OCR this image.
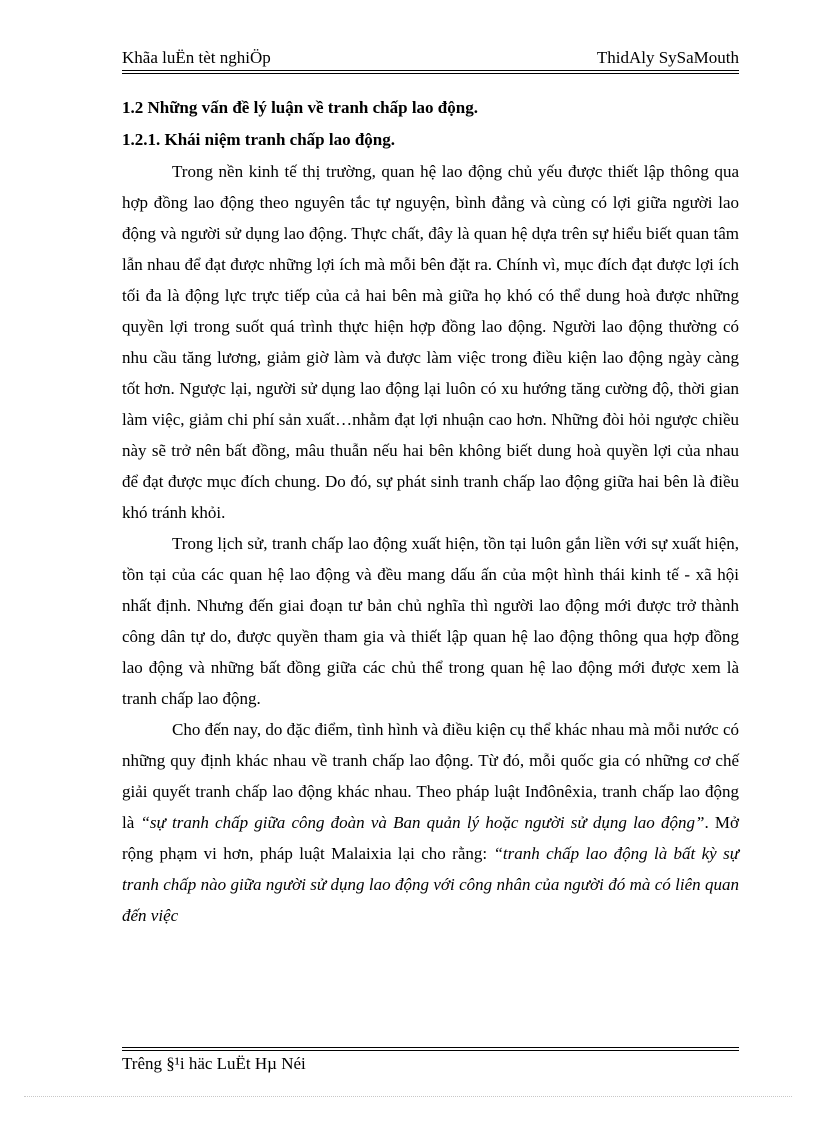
Khãa luËn tèt nghiÖp	ThidAly SySaMouth

1.2 Những vấn đề lý luận về tranh chấp lao động.

1.2.1. Khái niệm tranh chấp lao động.

Trong nền kinh tế thị trường, quan hệ lao động chủ yếu được thiết lập thông qua hợp đồng lao động theo nguyên tắc tự nguyện, bình đẳng và cùng có lợi giữa người lao động và người sử dụng lao động. Thực chất, đây là quan hệ dựa trên sự hiểu biết quan tâm lẫn nhau để đạt được những lợi ích mà mỗi bên đặt ra. Chính vì, mục đích đạt được lợi ích tối đa là động lực trực tiếp của cả hai bên mà giữa họ khó có thể dung hoà được những quyền lợi trong suốt quá trình thực hiện hợp đồng lao động. Người lao động thường có nhu cầu tăng lương, giảm giờ làm và được làm việc trong điều kiện lao động ngày càng tốt hơn. Ngược lại, người sử dụng lao động lại luôn có xu hướng tăng cường độ, thời gian làm việc, giảm chi phí sản xuất…nhằm đạt lợi nhuận cao hơn. Những đòi hỏi ngược chiều này sẽ trở nên bất đồng, mâu thuẫn nếu hai bên không biết dung hoà quyền lợi của nhau để đạt được mục đích chung. Do đó, sự phát sinh tranh chấp lao động giữa hai bên là điều khó tránh khỏi.

Trong lịch sử, tranh chấp lao động xuất hiện, tồn tại luôn gắn liền với sự xuất hiện, tồn tại của các quan hệ lao động và đều mang dấu ấn của một hình thái kinh tế - xã hội nhất định. Nhưng đến giai đoạn tư bản chủ nghĩa thì người lao động mới được trở thành công dân tự do, được quyền tham gia và thiết lập quan hệ lao động thông qua hợp đồng lao động và những bất đồng giữa các chủ thể trong quan hệ lao động mới được xem là tranh chấp lao động.

Cho đến nay, do đặc điểm, tình hình và điều kiện cụ thể khác nhau mà mỗi nước có những quy định khác nhau về tranh chấp lao động. Từ đó, mỗi quốc gia có những cơ chế giải quyết tranh chấp lao động khác nhau. Theo pháp luật Inđônêxia, tranh chấp lao động là “sự tranh chấp giữa công đoàn và Ban quản lý hoặc người sử dụng lao động”. Mở rộng phạm vi hơn, pháp luật Malaixia lại cho rằng: “tranh chấp lao động là bất kỳ sự tranh chấp nào giữa người sử dụng lao động với công nhân của người đó mà có liên quan đến việc

Trêng §¹i häc LuËt Hµ Néi
